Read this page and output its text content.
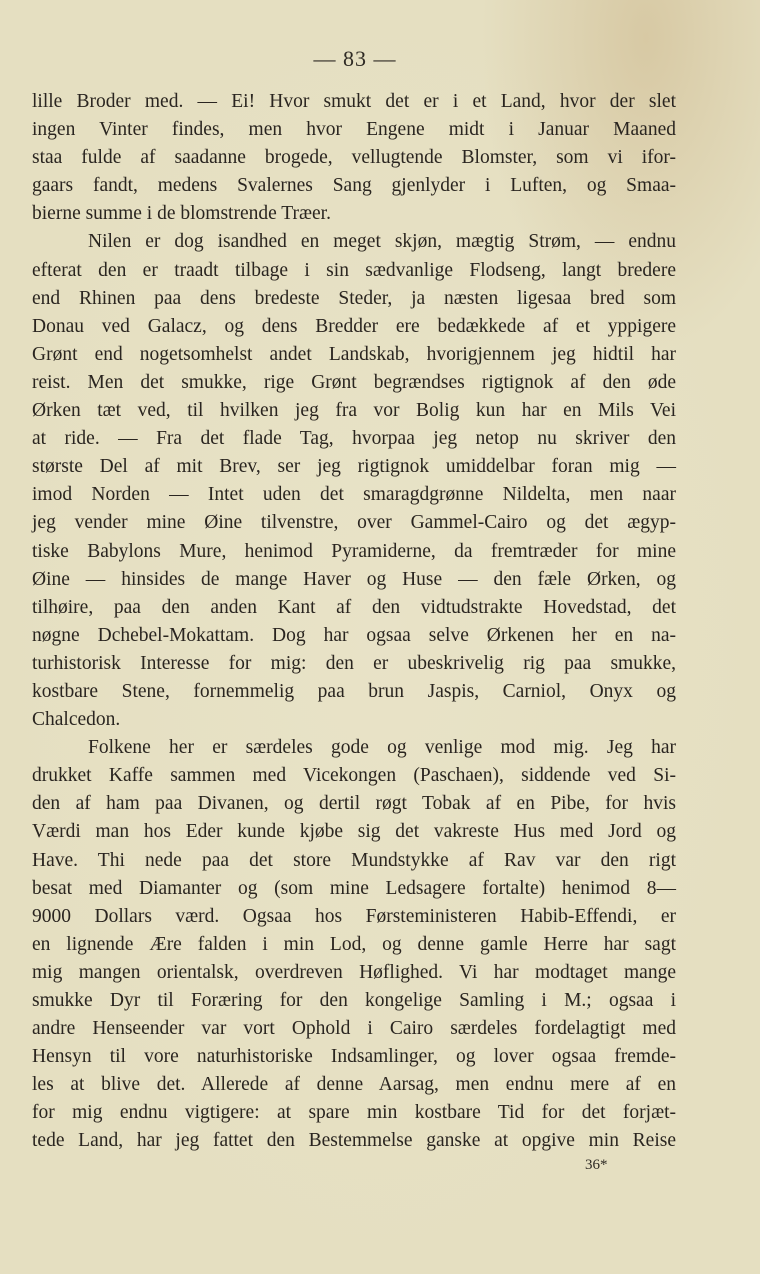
— 83 —
lille Broder med. — Ei! Hvor smukt det er i et Land, hvor der slet
ingen Vinter findes, men hvor Engene midt i Januar Maaned
staa fulde af saadanne brogede, vellugtende Blomster, som vi ifor-
gaars fandt, medens Svalernes Sang gjenlyder i Luften, og Smaa-
bierne summe i de blomstrende Træer.
Nilen er dog isandhed en meget skjøn, mægtig Strøm, — endnu
efterat den er traadt tilbage i sin sædvanlige Flodseng, langt bredere
end Rhinen paa dens bredeste Steder, ja næsten ligesaa bred som
Donau ved Galacz, og dens Bredder ere bedækkede af et yppigere
Grønt end nogetsomhelst andet Landskab, hvorigjennem jeg hidtil har
reist. Men det smukke, rige Grønt begrændses rigtignok af den øde
Ørken tæt ved, til hvilken jeg fra vor Bolig kun har en Mils Vei
at ride. — Fra det flade Tag, hvorpaa jeg netop nu skriver den
største Del af mit Brev, ser jeg rigtignok umiddelbar foran mig —
imod Norden — Intet uden det smaragdgrønne Nildelta, men naar
jeg vender mine Øine tilvenstre, over Gammel-Cairo og det ægyp-
tiske Babylons Mure, henimod Pyramiderne, da fremtræder for mine
Øine — hinsides de mange Haver og Huse — den fæle Ørken, og
tilhøire, paa den anden Kant af den vidtudstrakte Hovedstad, det
nøgne Dchebel-Mokattam. Dog har ogsaa selve Ørkenen her en na-
turhistorisk Interesse for mig: den er ubeskrivelig rig paa smukke,
kostbare Stene, fornemmelig paa brun Jaspis, Carniol, Onyx og
Chalcedon.
Folkene her er særdeles gode og venlige mod mig. Jeg har
drukket Kaffe sammen med Vicekongen (Paschaen), siddende ved Si-
den af ham paa Divanen, og dertil røgt Tobak af en Pibe, for hvis
Værdi man hos Eder kunde kjøbe sig det vakreste Hus med Jord og
Have. Thi nede paa det store Mundstykke af Rav var den rigt
besat med Diamanter og (som mine Ledsagere fortalte) henimod 8—
9000 Dollars værd. Ogsaa hos Førsteministeren Habib-Effendi, er
en lignende Ære falden i min Lod, og denne gamle Herre har sagt
mig mangen orientalsk, overdreven Høflighed. Vi har modtaget mange
smukke Dyr til Foræring for den kongelige Samling i M.; ogsaa i
andre Henseender var vort Ophold i Cairo særdeles fordelagtigt med
Hensyn til vore naturhistoriske Indsamlinger, og lover ogsaa fremde-
les at blive det. Allerede af denne Aarsag, men endnu mere af en
for mig endnu vigtigere: at spare min kostbare Tid for det forjæt-
tede Land, har jeg fattet den Bestemmelse ganske at opgive min Reise
36*
